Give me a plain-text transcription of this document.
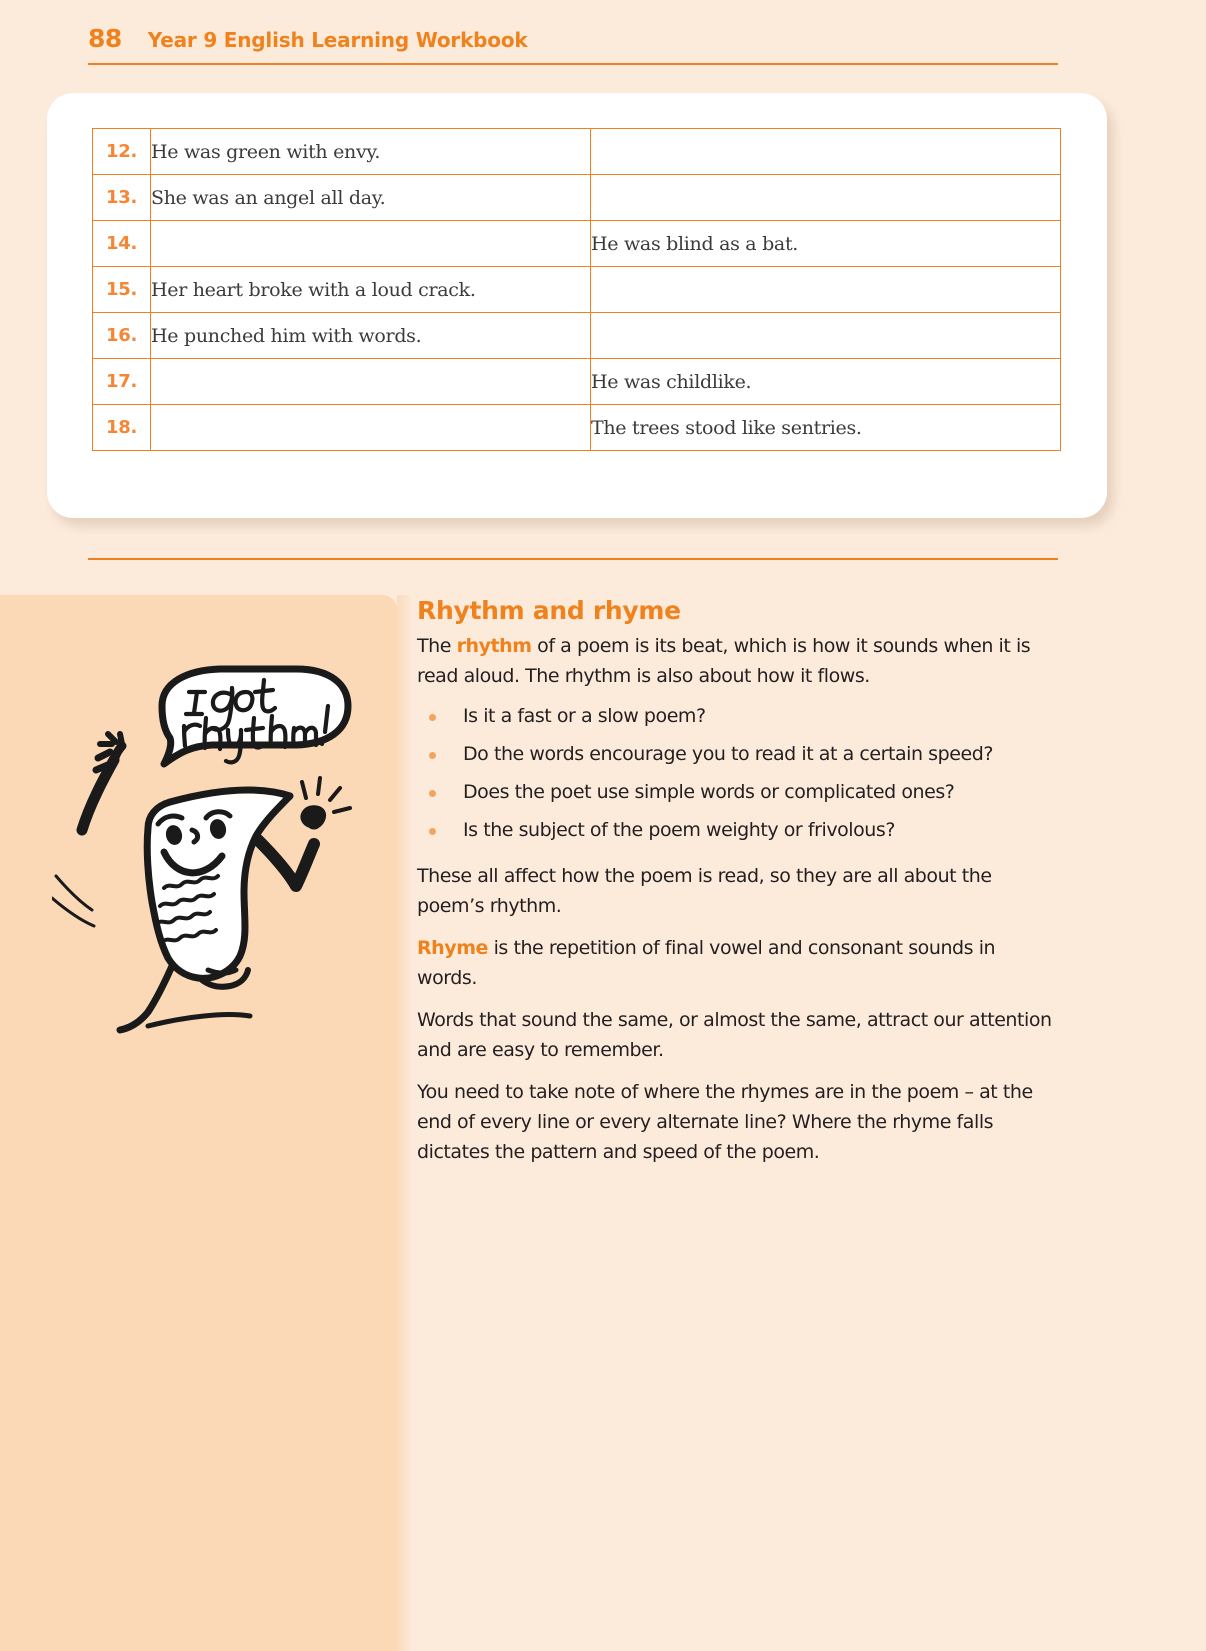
88 Year 9 English Learning Workbook
12.	He was green with envy.	
13.	She was an angel all day.	
14.		He was blind as a bat.
15.	Her heart broke with a loud crack.	
16.	He punched him with words.	
17.		He was childlike.
18.		The trees stood like sentries.
Rhythm and rhyme

The rhythm of a poem is its beat, which is how it sounds when it is read aloud. The rhythm is also about how it flows.

Is it a fast or a slow poem?
Do the words encourage you to read it at a certain speed?
Does the poet use simple words or complicated ones?
Is the subject of the poem weighty or frivolous?

These all affect how the poem is read, so they are all about the poem’s rhythm.

Rhyme is the repetition of final vowel and consonant sounds in words.

Words that sound the same, or almost the same, attract our attention and are easy to remember.

You need to take note of where the rhymes are in the poem – at the end of every line or every alternate line? Where the rhyme falls dictates the pattern and speed of the poem.
